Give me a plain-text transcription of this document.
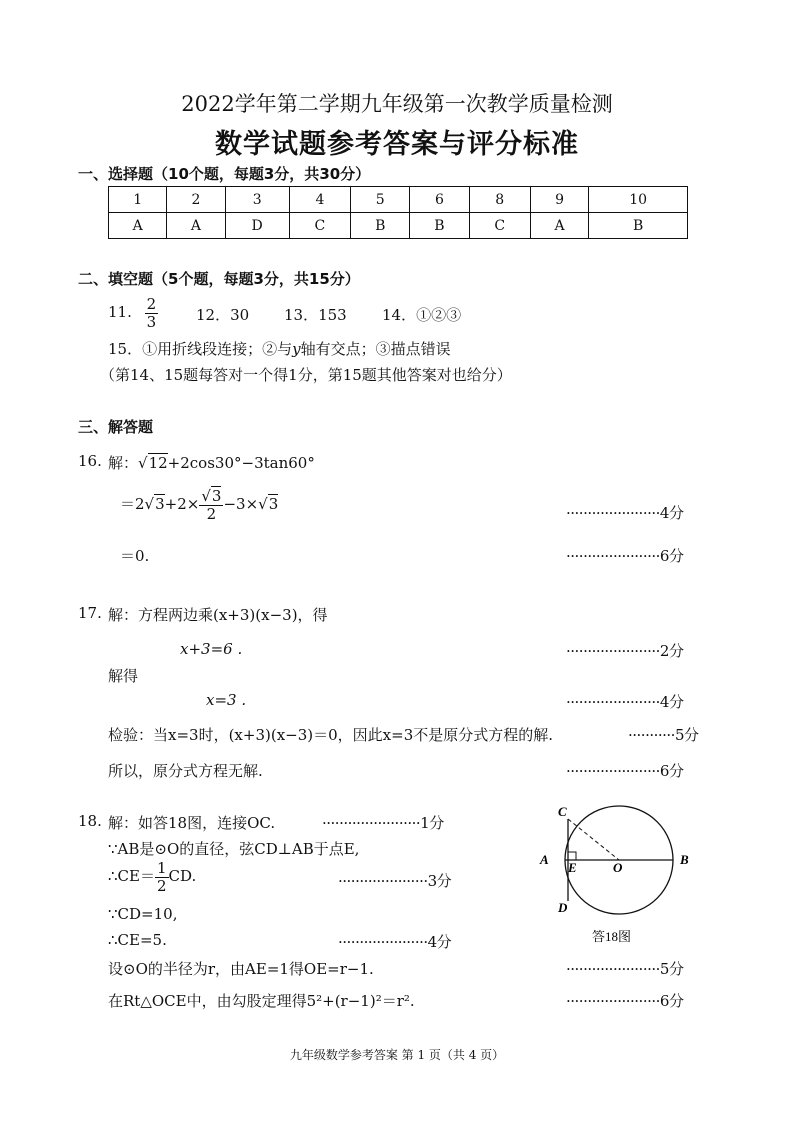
2022学年第二学期九年级第一次教学质量检测
数学试题参考答案与评分标准
一、选择题（10个题，每题3分，共30分）
1	2	3	4	5	6	8	9	10
A	A	D	C	B	B	C	A	B
二、填空题（5个题，每题3分，共15分）
11. $\frac{2}{3}$	12．30 13．153 14．①②③
15．①用折线段连接；②与y轴有交点；③描点错误
（第14、15题每答对一个得1分，第15题其他答案对也给分）
三、解答题
16. 解：√12+2cos30°−3tan60°
$=2√3+2\times \frac{√3}{2} -3\times√3$	······················4分
＝0.	······················6分
17. 解：方程两边乘(x+3)(x−3)，得
x+3=6 .	······················2分
解得
x=3 .	······················4分
检验：当x=3时，(x+3)(x−3)＝0，因此x=3不是原分式方程的解.	···········5分
所以，原分式方程无解.	······················6分
18. 解：如答18图，连接OC.	·······················1分
∵AB是⊙O的直径，弦CD⊥AB于点E,
∴CE＝ $\frac{1}{2}$ CD.	·····················3分
∵CD=10,
∴CE=5.	·····················4分
设⊙O的半径为r，由AE=1得OE=r−1.	······················5分
在Rt△OCE中，由勾股定理得5²+(r−1)²＝r².	······················6分
C
A
E	O
B
D
答18图
九年级数学参考答案 第 1 页（共 4 页）
